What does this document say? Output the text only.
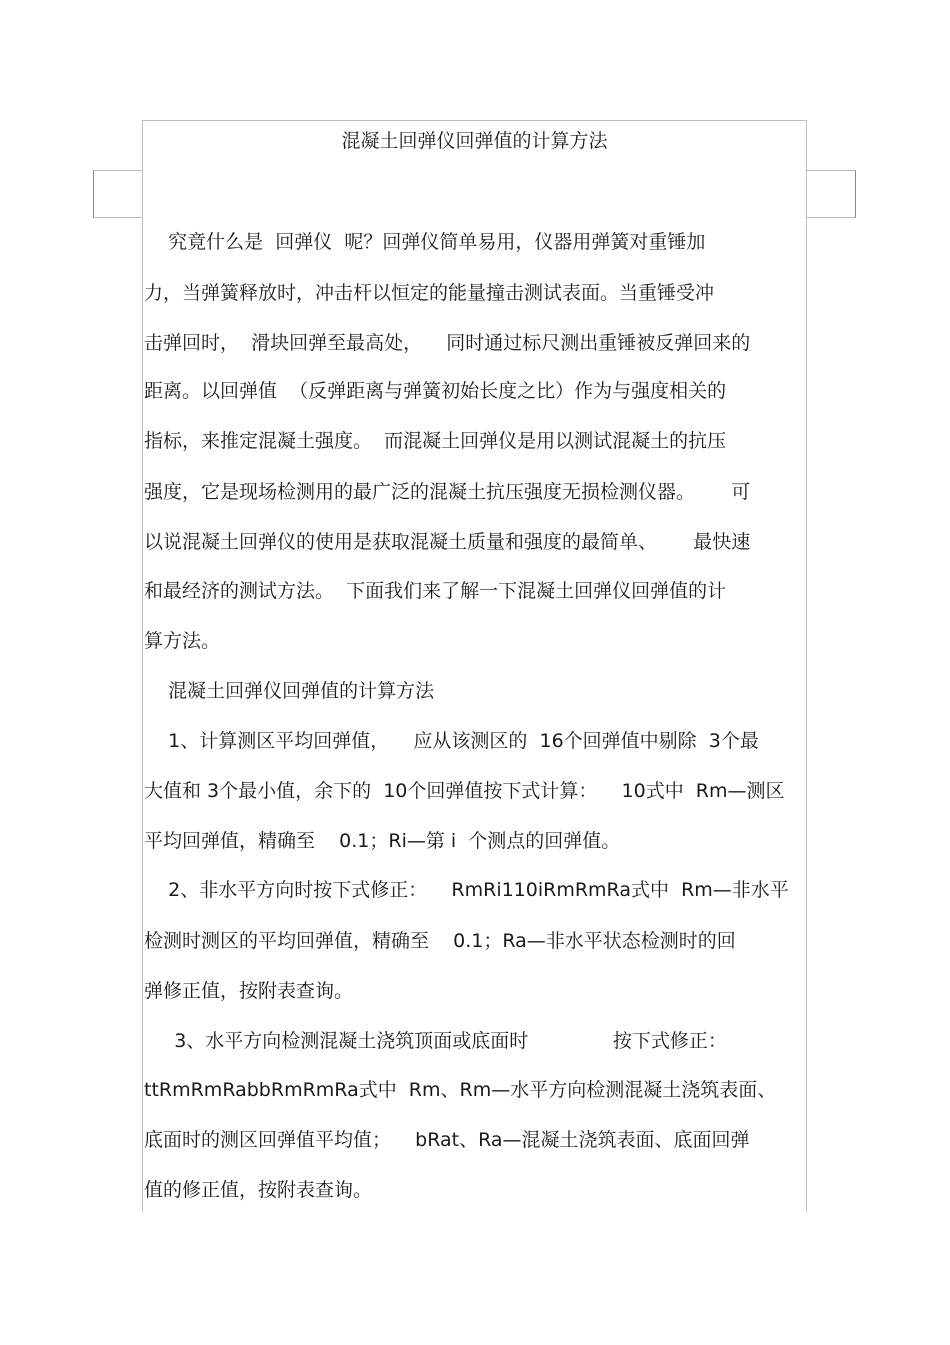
混凝土回弹仪回弹值的计算方法
究竟什么是  回弹仪  呢？回弹仪简单易用，仪器用弹簧对重锤加
力，当弹簧释放时，冲击杆以恒定的能量撞击测试表面。当重锤受冲
击弹回时，  滑块回弹至最高处，    同时通过标尺测出重锤被反弹回来的
距离。以回弹值  （反弹距离与弹簧初始长度之比）作为与强度相关的
指标，来推定混凝土强度。  而混凝土回弹仪是用以测试混凝土的抗压
强度，它是现场检测用的最广泛的混凝土抗压强度无损检测仪器。      可
以说混凝土回弹仪的使用是获取混凝土质量和强度的最简单、      最快速
和最经济的测试方法。  下面我们来了解一下混凝土回弹仪回弹值的计
算方法。
混凝土回弹仪回弹值的计算方法
1、计算测区平均回弹值，    应从该测区的  16个回弹值中剔除  3个最
大值和 3个最小值，余下的  10个回弹值按下式计算：    10式中  Rm—测区
平均回弹值，精确至    0.1；Ri—第 i  个测点的回弹值。
2、非水平方向时按下式修正：    RmRi110iRmRmRa式中  Rm—非水平
检测时测区的平均回弹值，精确至    0.1；Ra—非水平状态检测时的回
弹修正值，按附表查询。
3、水平方向检测混凝土浇筑顶面或底面时              按下式修正：
ttRmRmRabbRmRmRa式中  Rm、Rm—水平方向检测混凝土浇筑表面、
底面时的测区回弹值平均值；    bRat、Ra—混凝土浇筑表面、底面回弹
值的修正值，按附表查询。
